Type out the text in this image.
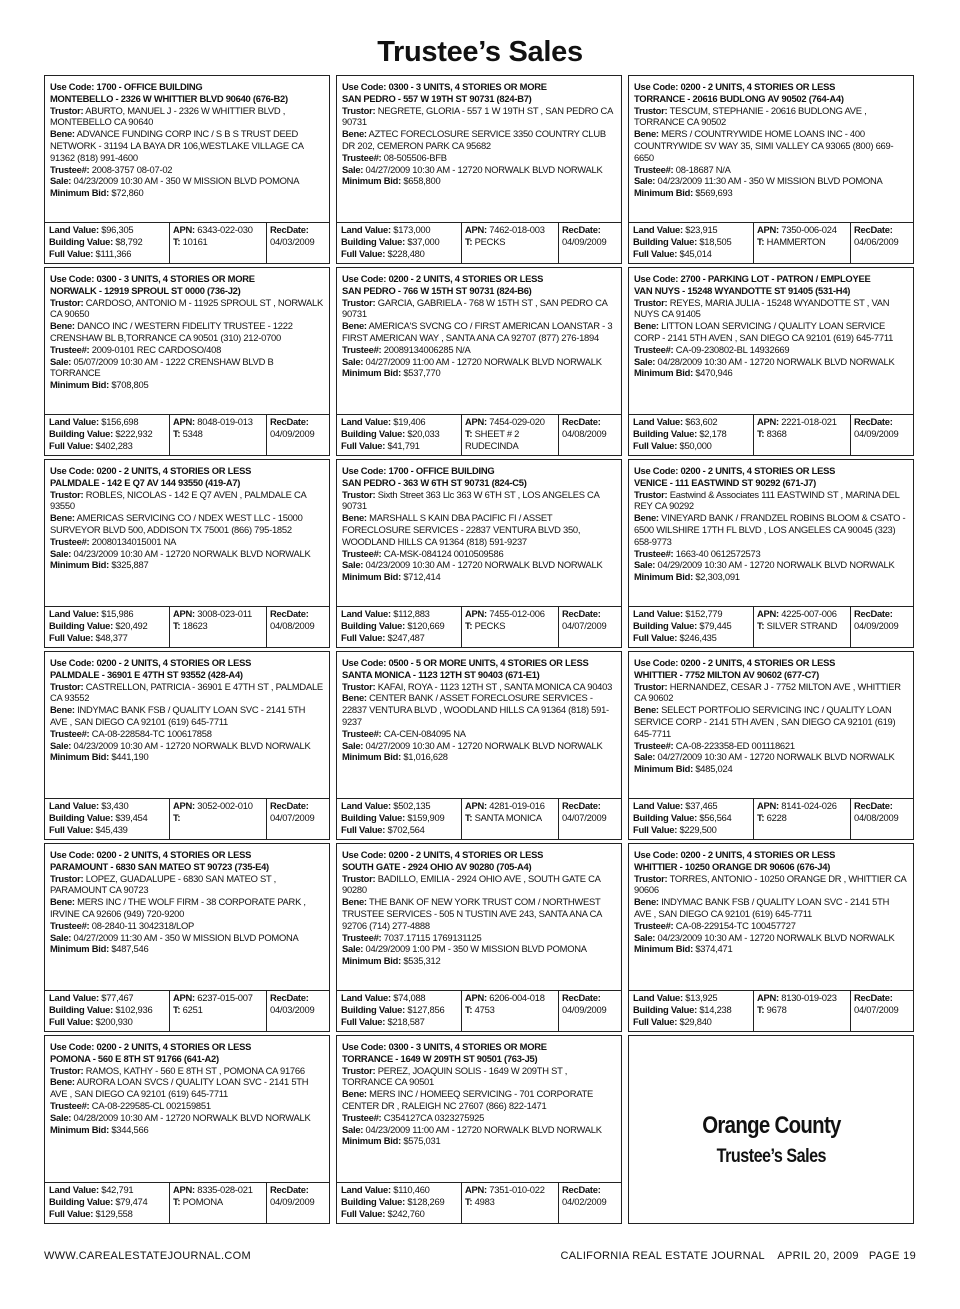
Trustee’s Sales
Use Code: 1700 - OFFICE BUILDING
MONTEBELLO - 2326 W WHITTIER BLVD 90640 (676-B2)
Trustor: ABURTO, MANUEL J - 2326 W WHITTIER BLVD , MONTEBELLO CA 90640
Bene: ADVANCE FUNDING CORP INC / S B S TRUST DEED NETWORK - 31194 LA BAYA DR 106,WESTLAKE VILLAGE CA 91362 (818) 991-4600
Trustee#: 2008-3757 08-07-02
Sale: 04/23/2009 10:30 AM - 350 W MISSION BLVD POMONA
Minimum Bid: $72,860
Land Value: $96,305
Building Value: $8,792
Full Value: $111,366
APN: 6343-022-030
T: 10161
RecDate:
04/03/2009
Use Code: 0300 - 3 UNITS, 4 STORIES OR MORE
SAN PEDRO - 557 W 19TH ST 90731 (824-B7)
Trustor: NEGRETE, GLORIA - 557 1 W 19TH ST , SAN PEDRO CA 90731
Bene: AZTEC FORECLOSURE SERVICE 3350 COUNTRY CLUB DR 202, CEMERON PARK CA 95682
Trustee#: 08-505506-BFB
Sale: 04/27/2009 10:30 AM - 12720 NORWALK BLVD NORWALK
Minimum Bid: $658,800
Land Value: $173,000
Building Value: $37,000
Full Value: $228,480
APN: 7462-018-003
T: PECKS
RecDate:
04/09/2009
Use Code: 0200 - 2 UNITS, 4 STORIES OR LESS
TORRANCE - 20616 BUDLONG AV 90502 (764-A4)
Trustor: TESCUM, STEPHANIE - 20616 BUDLONG AVE , TORRANCE CA 90502
Bene: MERS / COUNTRYWIDE HOME LOANS INC - 400 COUNTRYWIDE SV WAY 35, SIMI VALLEY CA 93065 (800) 669-6650
Trustee#: 08-18687 N/A
Sale: 04/23/2009 11:30 AM - 350 W MISSION BLVD POMONA
Minimum Bid: $569,693
Land Value: $23,915
Building Value: $18,505
Full Value: $45,014
APN: 7350-006-024
T: HAMMERTON
RecDate:
04/06/2009
Use Code: 0300 - 3 UNITS, 4 STORIES OR MORE
NORWALK - 12919 SPROUL ST 0000 (736-J2)
Trustor: CARDOSO, ANTONIO M - 11925 SPROUL ST , NORWALK CA 90650
Bene: DANCO INC / WESTERN FIDELITY TRUSTEE - 1222 CRENSHAW BL B,TORRANCE CA 90501 (310) 212-0700
Trustee#: 2009-0101 REC CARDOSO/408
Sale: 05/07/2009 10:30 AM - 1222 CRENSHAW BLVD B TORRANCE
Minimum Bid: $708,805
Land Value: $156,698
Building Value: $222,932
Full Value: $402,283
APN: 8048-019-013
T: 5348
RecDate:
04/09/2009
Use Code: 0200 - 2 UNITS, 4 STORIES OR LESS
SAN PEDRO - 766 W 15TH ST 90731 (824-B6)
Trustor: GARCIA, GABRIELA - 768 W 15TH ST , SAN PEDRO CA 90731
Bene: AMERICA'S SVCNG CO / FIRST AMERICAN LOANSTAR - 3 FIRST AMERICAN WAY , SANTA ANA CA 92707 (877) 276-1894
Trustee#: 20089134006285 N/A
Sale: 04/27/2009 11:00 AM - 12720 NORWALK BLVD NORWALK
Minimum Bid: $537,770
Land Value: $19,406
Building Value: $20,033
Full Value: $41,791
APN: 7454-029-020
T: SHEET # 2 RUDECINDA
RecDate:
04/08/2009
Use Code: 2700 - PARKING LOT - PATRON / EMPLOYEE
VAN NUYS - 15248 WYANDOTTE ST 91405 (531-H4)
Trustor: REYES, MARIA JULIA - 15248 WYANDOTTE ST , VAN NUYS CA 91405
Bene: LITTON LOAN SERVICING / QUALITY LOAN SERVICE CORP - 2141 5TH AVEN , SAN DIEGO CA 92101 (619) 645-7711
Trustee#: CA-09-230802-BL 14932669
Sale: 04/28/2009 10:30 AM - 12720 NORWALK BLVD NORWALK
Minimum Bid: $470,946
Land Value: $63,602
Building Value: $2,178
Full Value: $50,000
APN: 2221-018-021
T: 8368
RecDate:
04/09/2009
Use Code: 0200 - 2 UNITS, 4 STORIES OR LESS
PALMDALE - 142 E Q7 AV 144 93550 (419-A7)
Trustor: ROBLES, NICOLAS - 142 E Q7 AVEN , PALMDALE CA 93550
Bene: AMERICAS SERVICING CO / NDEX WEST LLC - 15000 SURVEYOR BLVD 500, ADDISON TX 75001 (866) 795-1852
Trustee#: 20080134015001 NA
Sale: 04/23/2009 10:30 AM - 12720 NORWALK BLVD NORWALK
Minimum Bid: $325,887
Land Value: $15,986
Building Value: $20,492
Full Value: $48,377
APN: 3008-023-011
T: 18623
RecDate:
04/08/2009
Use Code: 1700 - OFFICE BUILDING
SAN PEDRO - 363 W 6TH ST 90731 (824-C5)
Trustor: Sixth Street 363 Llc 363 W 6TH ST , LOS ANGELES CA 90731
Bene: MARSHALL S KAIN DBA PACIFIC FI / ASSET FORECLOSURE SERVICES - 22837 VENTURA BLVD 350, WOODLAND HILLS CA 91364 (818) 591-9237
Trustee#: CA-MSK-084124 0010509586
Sale: 04/23/2009 10:30 AM - 12720 NORWALK BLVD NORWALK
Minimum Bid: $712,414
Land Value: $112,883
Building Value: $120,669
Full Value: $247,487
APN: 7455-012-006
T: PECKS
RecDate:
04/07/2009
Use Code: 0200 - 2 UNITS, 4 STORIES OR LESS
VENICE - 111 EASTWIND ST 90292 (671-J7)
Trustor: Eastwind & Associates 111 EASTWIND ST , MARINA DEL REY CA 90292
Bene: VINEYARD BANK / FRANDZEL ROBINS BLOOM & CSATO - 6500 WILSHIRE 17TH FL BLVD , LOS ANGELES CA 90045 (323) 658-9773
Trustee#: 1663-40 0612572573
Sale: 04/29/2009 10:30 AM - 12720 NORWALK BLVD NORWALK
Minimum Bid: $2,303,091
Land Value: $152,779
Building Value: $79,445
Full Value: $246,435
APN: 4225-007-006
T: SILVER STRAND
RecDate:
04/09/2009
Use Code: 0200 - 2 UNITS, 4 STORIES OR LESS
PALMDALE - 36901 E 47TH ST 93552 (428-A4)
Trustor: CASTRELLON, PATRICIA - 36901 E 47TH ST , PALMDALE CA 93552
Bene: INDYMAC BANK FSB / QUALITY LOAN SVC - 2141 5TH AVE , SAN DIEGO CA 92101 (619) 645-7711
Trustee#: CA-08-228584-TC 100617858
Sale: 04/23/2009 10:30 AM - 12720 NORWALK BLVD NORWALK
Minimum Bid: $441,190
Land Value: $3,430
Building Value: $39,454
Full Value: $45,439
APN: 3052-002-010
T:
RecDate:
04/07/2009
Use Code: 0500 - 5 OR MORE UNITS, 4 STORIES OR LESS
SANTA MONICA - 1123 12TH ST 90403 (671-E1)
Trustor: KAFAI, ROYA - 1123 12TH ST , SANTA MONICA CA 90403
Bene: CENTER BANK / ASSET FORECLOSURE SERVICES - 22837 VENTURA BLVD , WOODLAND HILLS CA 91364 (818) 591-9237
Trustee#: CA-CEN-084095 NA
Sale: 04/27/2009 10:30 AM - 12720 NORWALK BLVD NORWALK
Minimum Bid: $1,016,628
Land Value: $502,135
Building Value: $159,909
Full Value: $702,564
APN: 4281-019-016
T: SANTA MONICA
RecDate:
04/07/2009
Use Code: 0200 - 2 UNITS, 4 STORIES OR LESS
WHITTIER - 7752 MILTON AV 90602 (677-C7)
Trustor: HERNANDEZ, CESAR J - 7752 MILTON AVE , WHITTIER CA 90602
Bene: SELECT PORTFOLIO SERVICING INC / QUALITY LOAN SERVICE CORP - 2141 5TH AVEN , SAN DIEGO CA 92101 (619) 645-7711
Trustee#: CA-08-223358-ED 001118621
Sale: 04/27/2009 10:30 AM - 12720 NORWALK BLVD NORWALK
Minimum Bid: $485,024
Land Value: $37,465
Building Value: $56,564
Full Value: $229,500
APN: 8141-024-026
T: 6228
RecDate:
04/08/2009
Use Code: 0200 - 2 UNITS, 4 STORIES OR LESS
PARAMOUNT - 6830 SAN MATEO ST 90723 (735-E4)
Trustor: LOPEZ, GUADALUPE - 6830 SAN MATEO ST , PARAMOUNT CA 90723
Bene: MERS INC / THE WOLF FIRM - 38 CORPORATE PARK , IRVINE CA 92606 (949) 720-9200
Trustee#: 08-2840-11 3042318/LOP
Sale: 04/27/2009 11:30 AM - 350 W MISSION BLVD POMONA
Minimum Bid: $487,546
Land Value: $77,467
Building Value: $102,936
Full Value: $200,930
APN: 6237-015-007
T: 6251
RecDate:
04/03/2009
Use Code: 0200 - 2 UNITS, 4 STORIES OR LESS
SOUTH GATE - 2924 OHIO AV 90280 (705-A4)
Trustor: BADILLO, EMILIA - 2924 OHIO AVE , SOUTH GATE CA 90280
Bene: THE BANK OF NEW YORK TRUST COM / NORTHWEST TRUSTEE SERVICES - 505 N TUSTIN AVE 243, SANTA ANA CA 92706 (714) 277-4888
Trustee#: 7037.17115 1769131125
Sale: 04/29/2009 1:00 PM - 350 W MISSION BLVD POMONA
Minimum Bid: $535,312
Land Value: $74,088
Building Value: $127,856
Full Value: $218,587
APN: 6206-004-018
T: 4753
RecDate:
04/09/2009
Use Code: 0200 - 2 UNITS, 4 STORIES OR LESS
WHITTIER - 10250 ORANGE DR 90606 (676-J4)
Trustor: TORRES, ANTONIO - 10250 ORANGE DR , WHITTIER CA 90606
Bene: INDYMAC BANK FSB / QUALITY LOAN SVC - 2141 5TH AVE , SAN DIEGO CA 92101 (619) 645-7711
Trustee#: CA-08-229154-TC 100457727
Sale: 04/23/2009 10:30 AM - 12720 NORWALK BLVD NORWALK
Minimum Bid: $374,471
Land Value: $13,925
Building Value: $14,238
Full Value: $29,840
APN: 8130-019-023
T: 9678
RecDate:
04/07/2009
Use Code: 0200 - 2 UNITS, 4 STORIES OR LESS
POMONA - 560 E 8TH ST 91766 (641-A2)
Trustor: RAMOS, KATHY - 560 E 8TH ST , POMONA CA 91766
Bene: AURORA LOAN SVCS / QUALITY LOAN SVC - 2141 5TH AVE , SAN DIEGO CA 92101 (619) 645-7711
Trustee#: CA-08-229585-CL 002159851
Sale: 04/28/2009 10:30 AM - 12720 NORWALK BLVD NORWALK
Minimum Bid: $344,566
Land Value: $42,791
Building Value: $79,474
Full Value: $129,558
APN: 8335-028-021
T: POMONA
RecDate:
04/09/2009
Use Code: 0300 - 3 UNITS, 4 STORIES OR MORE
TORRANCE - 1649 W 209TH ST 90501 (763-J5)
Trustor: PEREZ, JOAQUIN SOLIS - 1649 W 209TH ST , TORRANCE CA 90501
Bene: MERS INC / HOMEEQ SERVICING - 701 CORPORATE CENTER DR , RALEIGH NC 27607 (866) 822-1471
Trustee#: C354127CA 0323275925
Sale: 04/23/2009 11:00 AM - 12720 NORWALK BLVD NORWALK
Minimum Bid: $575,031
Land Value: $110,460
Building Value: $128,269
Full Value: $242,760
APN: 7351-010-022
T: 4983
RecDate:
04/02/2009
Orange County
Trustee’s Sales
WWW.CAREALESTATEJOURNAL.COM	CALIFORNIA REAL ESTATE JOURNAL    APRIL 20, 2009   PAGE 19
